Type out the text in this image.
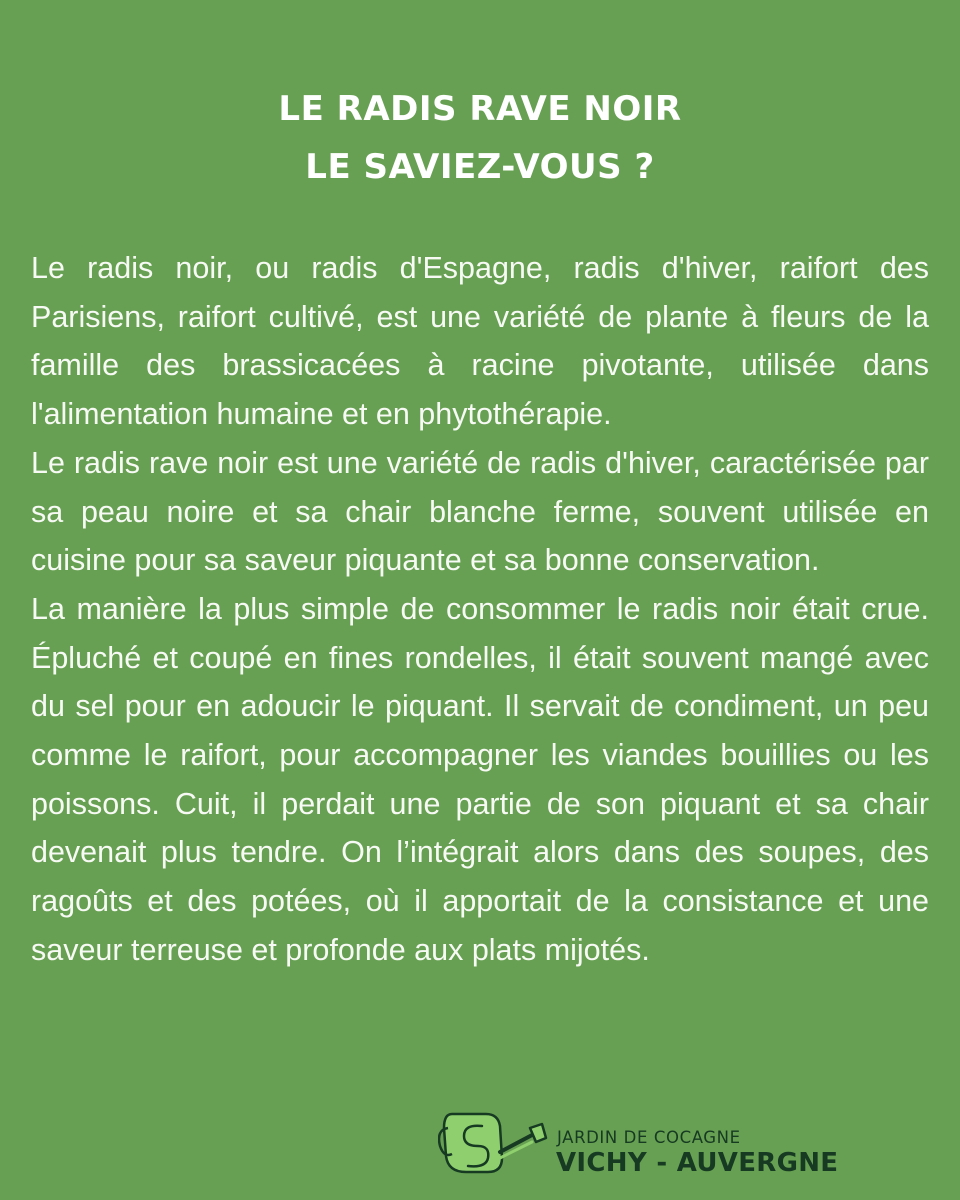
LE RADIS RAVE NOIR
LE SAVIEZ-VOUS ?

Le radis noir, ou radis d'Espagne, radis d'hiver, raifort des Parisiens, raifort cultivé, est une variété de plante à fleurs de la famille des brassicacées à racine pivotante, utilisée dans l'alimentation humaine et en phytothérapie.

Le radis rave noir est une variété de radis d'hiver, caractérisée par sa peau noire et sa chair blanche ferme, souvent utilisée en cuisine pour sa saveur piquante et sa bonne conservation.

La manière la plus simple de consommer le radis noir était crue. Épluché et coupé en fines rondelles, il était souvent mangé avec du sel pour en adoucir le piquant. Il servait de condiment, un peu comme le raifort, pour accompagner les viandes bouillies ou les poissons. Cuit, il perdait une partie de son piquant et sa chair devenait plus tendre. On l’intégrait alors dans des soupes, des ragoûts et des potées, où il apportait de la consistance et une saveur terreuse et profonde aux plats mijotés.

JARDIN DE COCAGNE
VICHY - AUVERGNE
